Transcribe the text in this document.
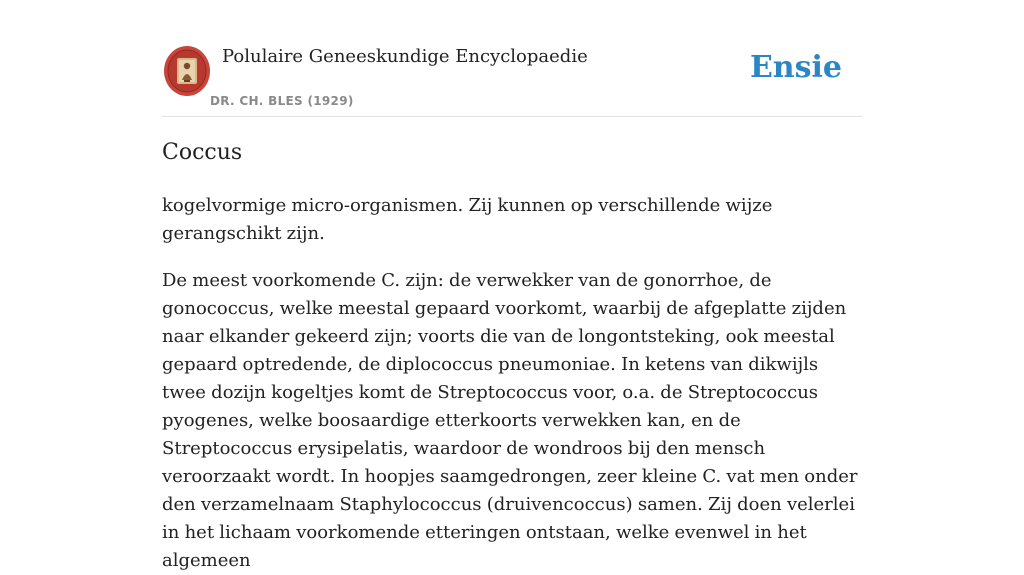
Polulaire Geneeskundige Encyclopaedie
DR. CH. BLES (1929)
Ensie
Coccus

kogelvormige micro-organismen. Zij kunnen op verschillende wijze gerangschikt zijn.

De meest voorkomende C. zijn: de verwekker van de gonorrhoe, de gonococcus, welke meestal gepaard voorkomt, waarbij de afgeplatte zijden naar elkander gekeerd zijn; voorts die van de longontsteking, ook meestal gepaard optredende, de diplococcus pneumoniae. In ketens van dikwijls twee dozijn kogeltjes komt de Streptococcus voor, o.a. de Streptococcus pyogenes, welke boosaardige etterkoorts verwekken kan, en de Streptococcus erysipelatis, waardoor de wondroos bij den mensch veroorzaakt wordt. In hoopjes saamgedrongen, zeer kleine C. vat men onder den verzamelnaam Staphylococcus (druivencoccus) samen. Zij doen velerlei in het lichaam voorkomende etteringen ontstaan, welke evenwel in het algemeen
